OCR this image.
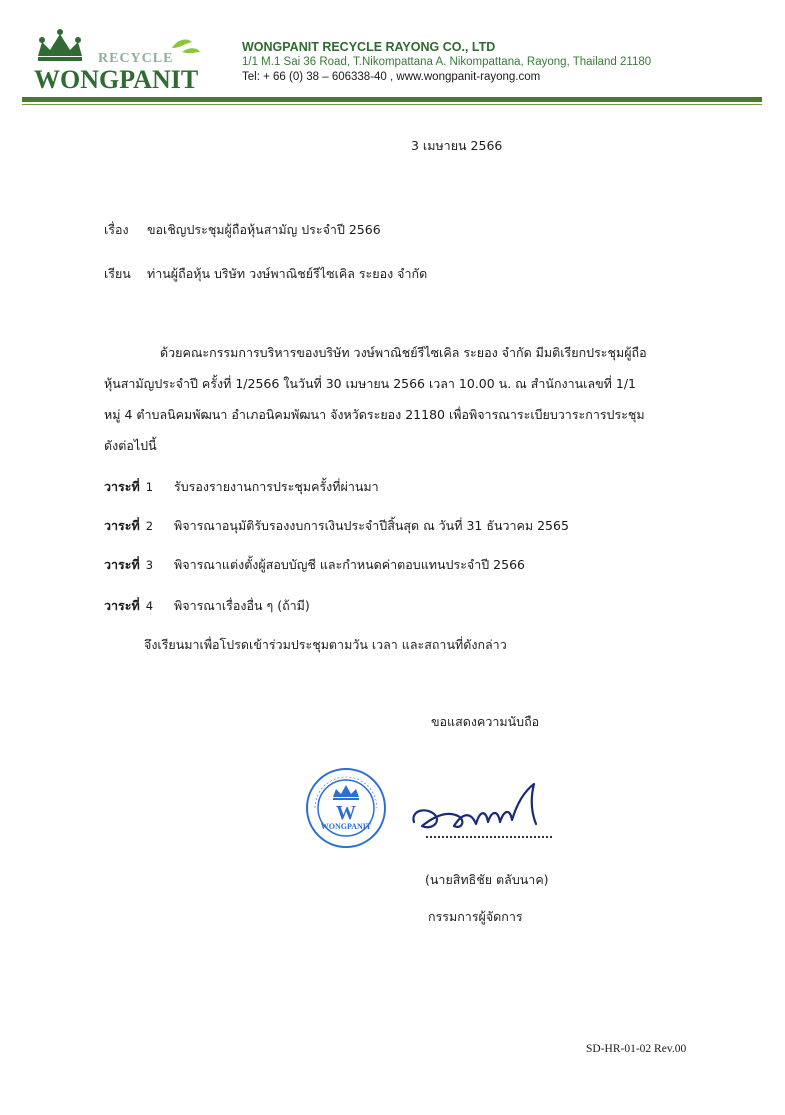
RECYCLE
WONGPANIT
WONGPANIT RECYCLE RAYONG CO., LTD
1/1 M.1 Sai 36 Road, T.Nikompattana A. Nikompattana, Rayong, Thailand 21180
Tel: + 66 (0) 38 – 606338-40 , www.wongpanit-rayong.com
3 เมษายน 2566
เรื่อง ขอเชิญประชุมผู้ถือหุ้นสามัญ ประจำปี 2566
เรียน ท่านผู้ถือหุ้น บริษัท วงษ์พาณิชย์รีไซเคิล ระยอง จำกัด
ด้วยคณะกรรมการบริหารของบริษัท วงษ์พาณิชย์รีไซเคิล ระยอง จำกัด มีมติเรียกประชุมผู้ถือ
หุ้นสามัญประจำปี ครั้งที่ 1/2566 ในวันที่ 30 เมษายน 2566 เวลา 10.00 น. ณ สำนักงานเลขที่ 1/1
หมู่ 4 ตำบลนิคมพัฒนา อำเภอนิคมพัฒนา จังหวัดระยอง 21180 เพื่อพิจารณาระเบียบวาระการประชุม
ดังต่อไปนี้
วาระที่ 1 รับรองรายงานการประชุมครั้งที่ผ่านมา
วาระที่ 2 พิจารณาอนุมัติรับรองงบการเงินประจำปีสิ้นสุด ณ วันที่ 31 ธันวาคม 2565
วาระที่ 3 พิจารณาแต่งตั้งผู้สอบบัญชี และกำหนดค่าตอบแทนประจำปี 2566
วาระที่ 4 พิจารณาเรื่องอื่น ๆ (ถ้ามี)
จึงเรียนมาเพื่อโปรดเข้าร่วมประชุมตามวัน เวลา และสถานที่ดังกล่าว
ขอแสดงความนับถือ
W
WONGPANIT
(นายสิทธิชัย ตลับนาค)
กรรมการผู้จัดการ
SD-HR-01-02 Rev.00
